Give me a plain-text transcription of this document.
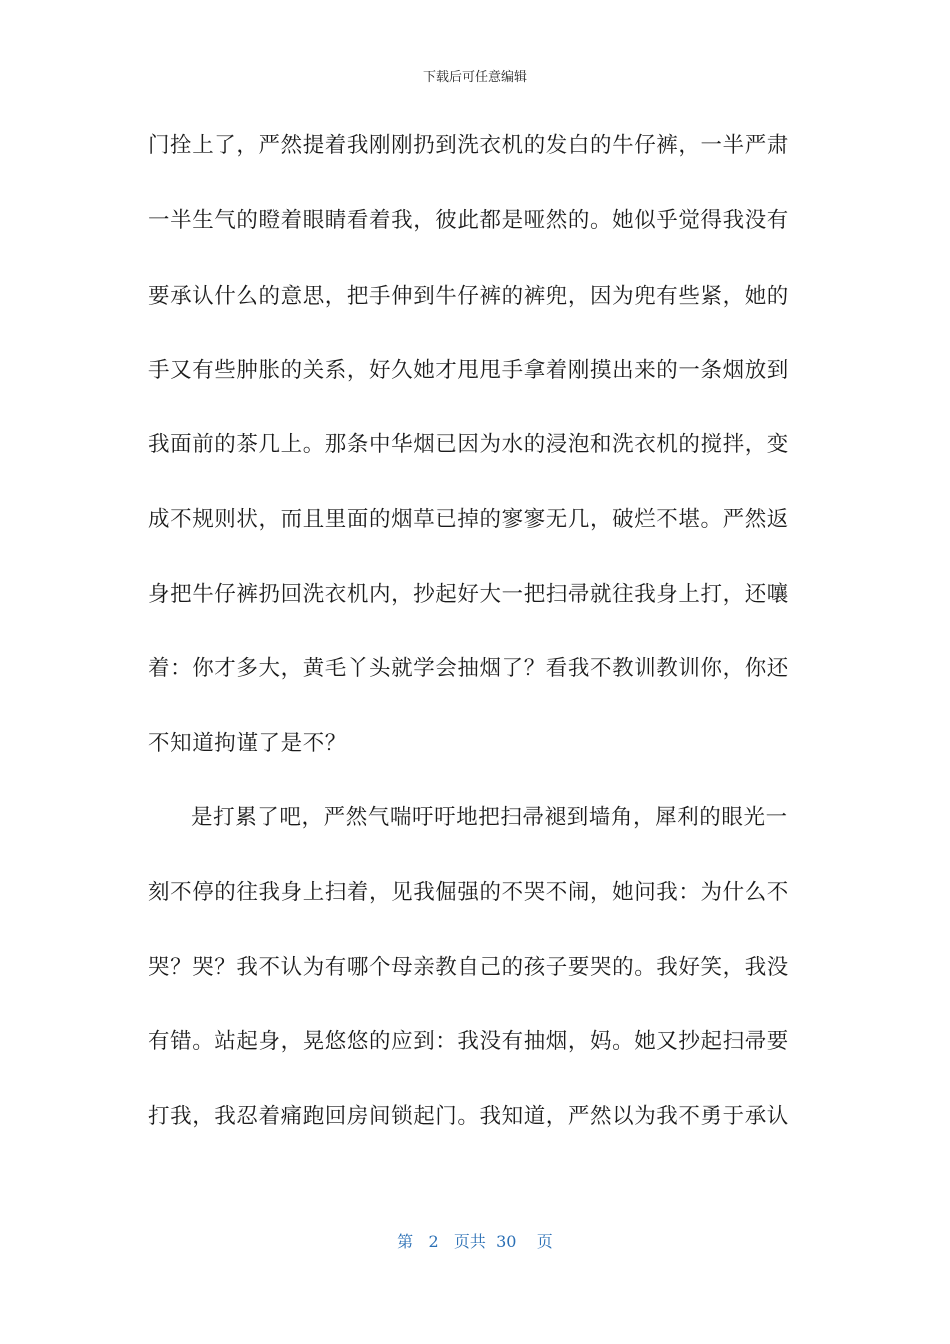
下载后可任意编辑
门拴上了，严然提着我刚刚扔到洗衣机的发白的牛仔裤，一半严肃
一半生气的瞪着眼睛看着我，彼此都是哑然的。她似乎觉得我没有
要承认什么的意思，把手伸到牛仔裤的裤兜，因为兜有些紧，她的
手又有些肿胀的关系，好久她才甩甩手拿着刚摸出来的一条烟放到
我面前的茶几上。那条中华烟已因为水的浸泡和洗衣机的搅拌，变
成不规则状，而且里面的烟草已掉的寥寥无几，破烂不堪。严然返
身把牛仔裤扔回洗衣机内，抄起好大一把扫帚就往我身上打，还嚷
着：你才多大，黄毛丫头就学会抽烟了？看我不教训教训你，你还
不知道拘谨了是不？
是打累了吧，严然气喘吁吁地把扫帚褪到墙角，犀利的眼光一
刻不停的往我身上扫着，见我倔强的不哭不闹，她问我：为什么不
哭？哭？我不认为有哪个母亲教自己的孩子要哭的。我好笑，我没
有错。站起身，晃悠悠的应到：我没有抽烟，妈。她又抄起扫帚要
打我，我忍着痛跑回房间锁起门。我知道，严然以为我不勇于承认
第 2 页共 30 页
